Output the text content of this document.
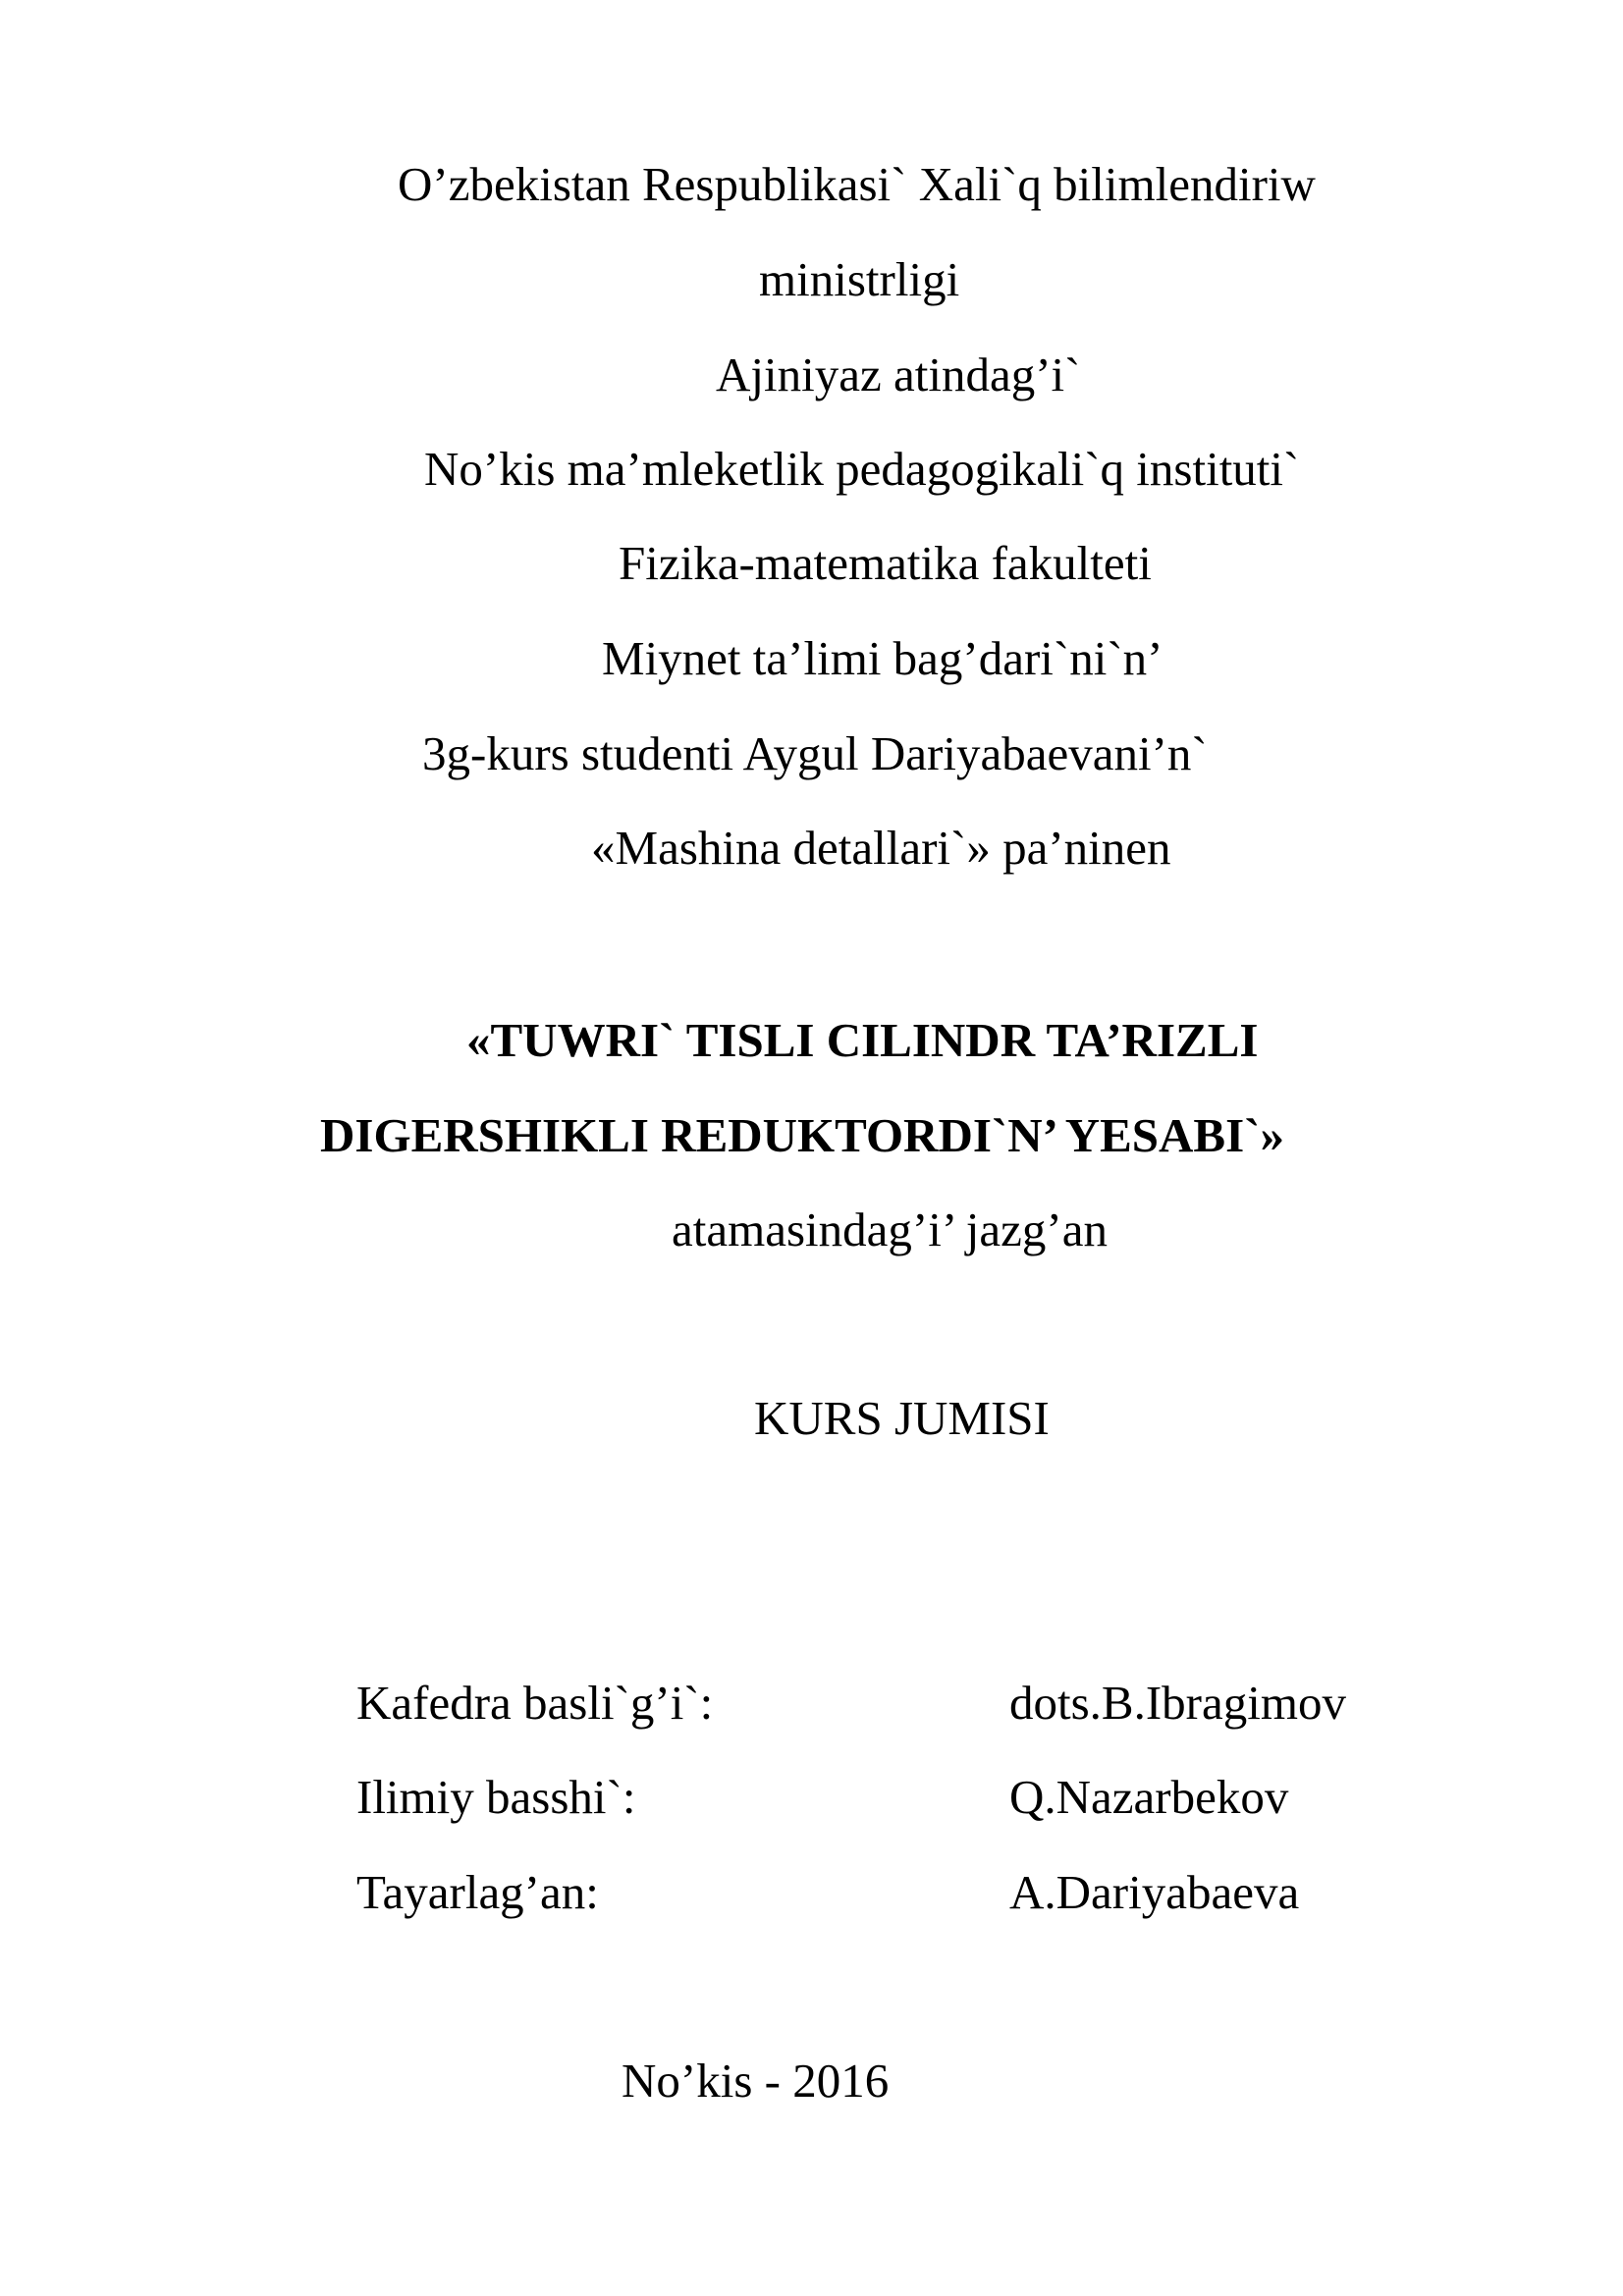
O’zbekistan Respublikasi` Xali`q bilimlendiriw
ministrligi
Ajiniyaz atindag’i`
No’kis ma’mleketlik pedagogikali`q instituti`
Fizika-matematika fakulteti
Miynet ta’limi bag’dari`ni`n’
3g-kurs studenti Aygul Dariyabaevani’n`
«Mashina detallari`» pa’ninen
«TUWRI` TISLI CILINDR TA’RIZLI
DIGERSHIKLI REDUKTORDI`N’ YESABI`»
atamasindag’i’ jazg’an
KURS JUMISI
Kafedra basli`g’i`:	dots.B.Ibragimov
Ilimiy basshi`:	Q.Nazarbekov
Tayarlag’an:	A.Dariyabaeva
No’kis - 2016
